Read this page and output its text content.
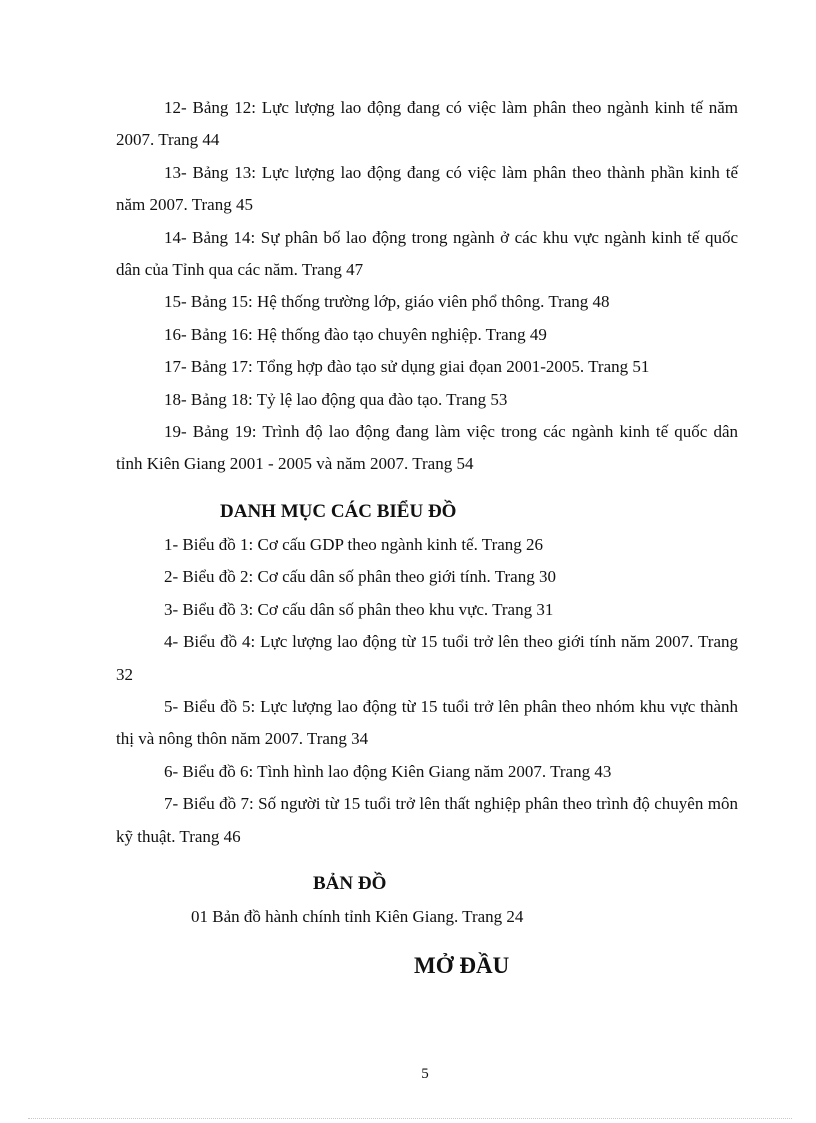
12- Bảng 12: Lực lượng lao động đang có việc làm phân theo ngành kinh tế năm 2007. Trang 44

13- Bảng 13: Lực lượng lao động đang có việc làm phân theo thành phần kinh tế năm 2007. Trang 45

14- Bảng 14: Sự phân bố lao động trong ngành ở các khu vực ngành kinh tế quốc dân của Tỉnh qua các năm. Trang 47

15- Bảng 15: Hệ thống trường lớp, giáo viên phổ thông. Trang 48

16- Bảng 16: Hệ thống đào tạo chuyên nghiệp. Trang 49

17- Bảng 17: Tổng hợp đào tạo sử dụng giai đọan 2001-2005. Trang 51

18- Bảng 18: Tỷ lệ lao động qua đào tạo. Trang 53

19- Bảng 19: Trình độ lao động đang làm việc trong các ngành kinh tế quốc dân tỉnh Kiên Giang 2001 - 2005 và năm 2007. Trang 54

DANH MỤC CÁC BIỂU ĐỒ

1- Biểu đồ 1: Cơ cấu GDP theo ngành kinh tế. Trang 26

2- Biểu đồ 2: Cơ cấu dân số phân theo giới tính. Trang 30

3- Biểu đồ 3: Cơ cấu dân số phân theo khu vực. Trang 31

4- Biểu đồ 4: Lực lượng lao động từ 15 tuổi trở lên theo giới tính năm 2007. Trang 32

5- Biểu đồ 5: Lực lượng lao động từ 15 tuổi trở lên phân theo nhóm khu vực thành thị và nông thôn năm 2007. Trang 34

6- Biểu đồ 6: Tình hình lao động Kiên Giang năm 2007. Trang 43

7- Biểu đồ 7: Số người từ 15 tuổi trở lên thất nghiệp phân theo trình độ chuyên môn kỹ thuật. Trang 46

BẢN ĐỒ

01 Bản đồ hành chính tỉnh Kiên Giang. Trang 24

MỞ ĐẦU

5
